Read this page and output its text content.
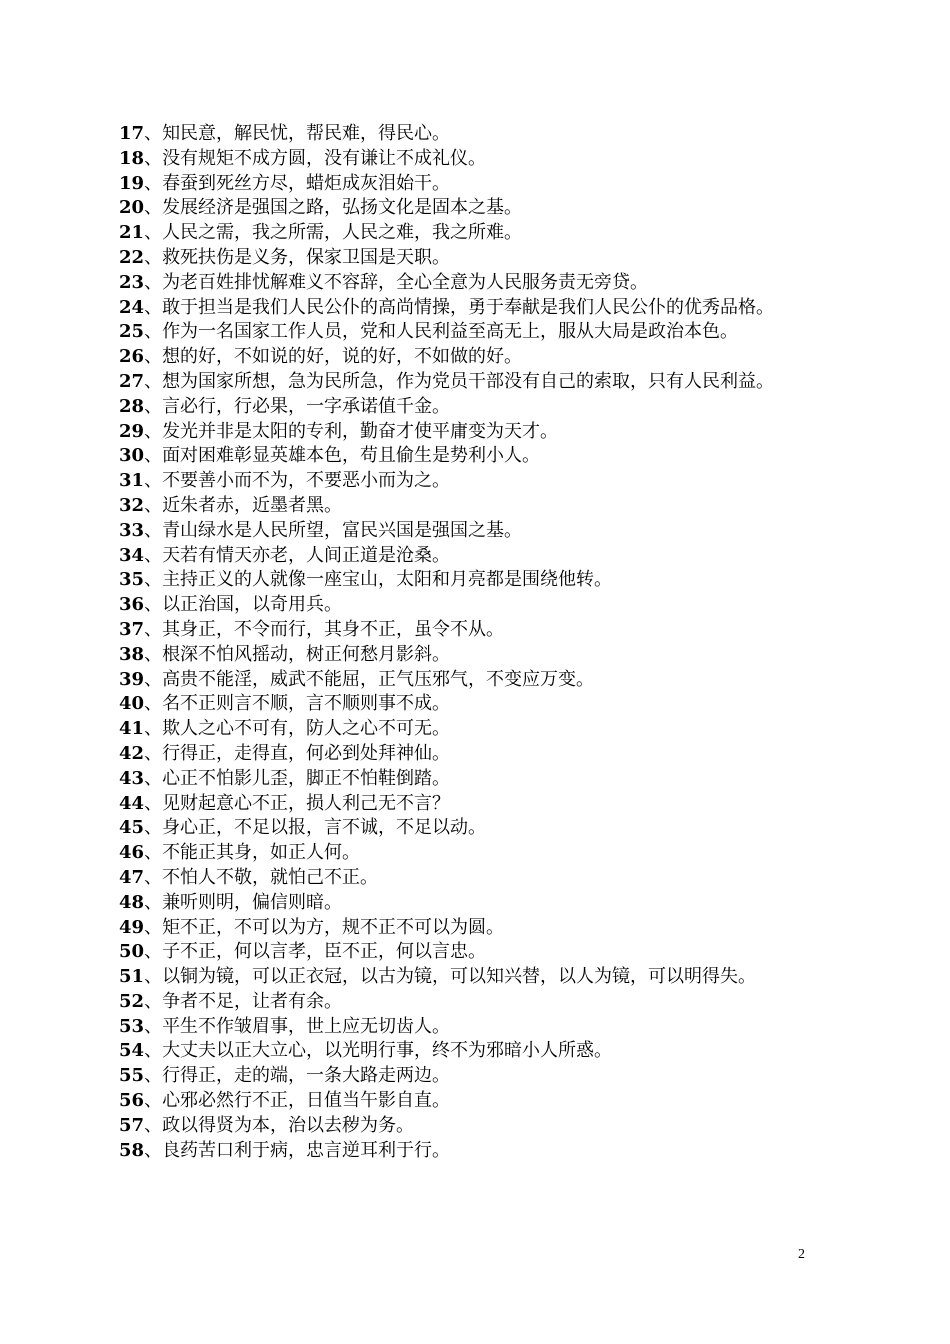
17、知民意，解民忧，帮民难，得民心。

18、没有规矩不成方圆，没有谦让不成礼仪。

19、春蚕到死丝方尽，蜡炬成灰泪始干。

20、发展经济是强国之路，弘扬文化是固本之基。

21、人民之需，我之所需，人民之难，我之所难。

22、救死扶伤是义务，保家卫国是天职。

23、为老百姓排忧解难义不容辞，全心全意为人民服务责无旁贷。

24、敢于担当是我们人民公仆的高尚情操，勇于奉献是我们人民公仆的优秀品格。

25、作为一名国家工作人员，党和人民利益至高无上，服从大局是政治本色。

26、想的好，不如说的好，说的好，不如做的好。

27、想为国家所想，急为民所急，作为党员干部没有自己的索取，只有人民利益。

28、言必行，行必果，一字承诺值千金。

29、发光并非是太阳的专利，勤奋才使平庸变为天才。

30、面对困难彰显英雄本色，苟且偷生是势利小人。

31、不要善小而不为，不要恶小而为之。

32、近朱者赤，近墨者黑。

33、青山绿水是人民所望，富民兴国是强国之基。

34、天若有情天亦老，人间正道是沧桑。

35、主持正义的人就像一座宝山，太阳和月亮都是围绕他转。

36、以正治国，以奇用兵。

37、其身正，不令而行，其身不正，虽令不从。

38、根深不怕风摇动，树正何愁月影斜。

39、高贵不能淫，威武不能屈，正气压邪气，不变应万变。

40、名不正则言不顺，言不顺则事不成。

41、欺人之心不可有，防人之心不可无。

42、行得正，走得直，何必到处拜神仙。

43、心正不怕影儿歪，脚正不怕鞋倒踏。

44、见财起意心不正，损人利己无不言？

45、身心正，不足以报，言不诚，不足以动。

46、不能正其身，如正人何。

47、不怕人不敬，就怕己不正。

48、兼听则明，偏信则暗。

49、矩不正，不可以为方，规不正不可以为圆。

50、子不正，何以言孝，臣不正，何以言忠。

51、以铜为镜，可以正衣冠，以古为镜，可以知兴替，以人为镜，可以明得失。

52、争者不足，让者有余。

53、平生不作皱眉事，世上应无切齿人。

54、大丈夫以正大立心，以光明行事，终不为邪暗小人所惑。

55、行得正，走的端，一条大路走两边。

56、心邪必然行不正，日值当午影自直。

57、政以得贤为本，治以去秽为务。

58、良药苦口利于病，忠言逆耳利于行。

2
